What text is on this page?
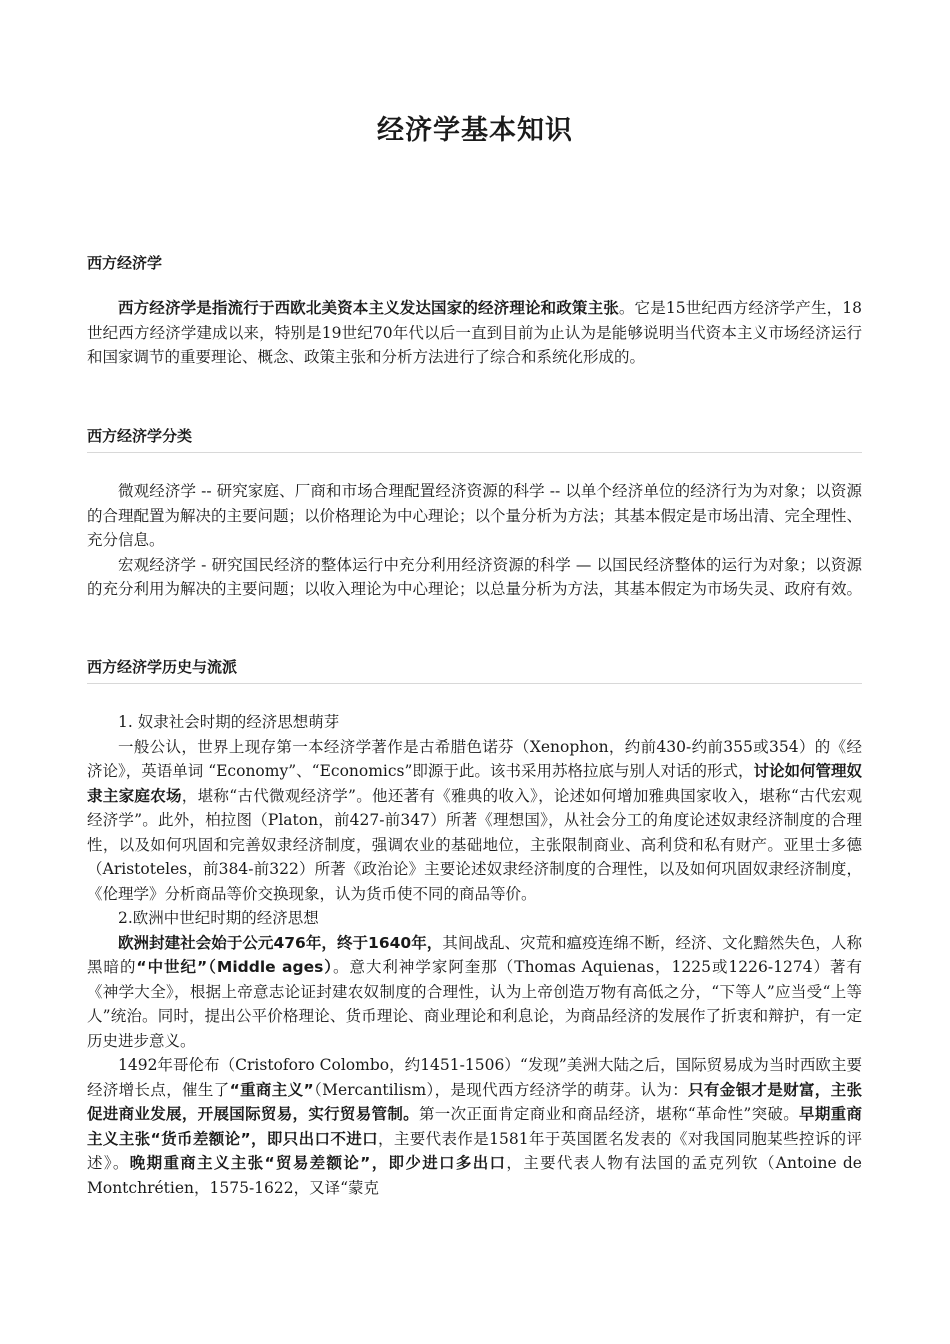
经济学基本知识
西方经济学

西方经济学是指流行于西欧北美资本主义发达国家的经济理论和政策主张。它是15世纪西方经济学产生，18世纪西方经济学建成以来，特别是19世纪70年代以后一直到目前为止认为是能够说明当代资本主义市场经济运行和国家调节的重要理论、概念、政策主张和分析方法进行了综合和系统化形成的。

西方经济学分类

微观经济学 -- 研究家庭、厂商和市场合理配置经济资源的科学 -- 以单个经济单位的经济行为为对象；以资源的合理配置为解决的主要问题；以价格理论为中心理论；以个量分析为方法；其基本假定是市场出清、完全理性、充分信息。

宏观经济学 - 研究国民经济的整体运行中充分利用经济资源的科学 — 以国民经济整体的运行为对象；以资源的充分利用为解决的主要问题；以收入理论为中心理论；以总量分析为方法，其基本假定为市场失灵、政府有效。

西方经济学历史与流派

1. 奴隶社会时期的经济思想萌芽

一般公认，世界上现存第一本经济学著作是古希腊色诺芬（Xenophon，约前430-约前355或354）的《经济论》，英语单词 “Economy”、“Economics”即源于此。该书采用苏格拉底与别人对话的形式，讨论如何管理奴隶主家庭农场，堪称“古代微观经济学”。他还著有《雅典的收入》，论述如何增加雅典国家收入，堪称“古代宏观经济学”。此外，柏拉图（Platon，前427-前347）所著《理想国》，从社会分工的角度论述奴隶经济制度的合理性，以及如何巩固和完善奴隶经济制度，强调农业的基础地位，主张限制商业、高利贷和私有财产。亚里士多德（Aristoteles，前384-前322）所著《政治论》主要论述奴隶经济制度的合理性，以及如何巩固奴隶经济制度，《伦理学》分析商品等价交换现象，认为货币使不同的商品等价。

2.欧洲中世纪时期的经济思想

欧洲封建社会始于公元476年，终于1640年，其间战乱、灾荒和瘟疫连绵不断，经济、文化黯然失色，人称黑暗的“中世纪”（Middle ages）。意大利神学家阿奎那（Thomas Aquienas，1225或1226-1274）著有《神学大全》，根据上帝意志论证封建农奴制度的合理性，认为上帝创造万物有高低之分，“下等人”应当受“上等人”统治。同时，提出公平价格理论、货币理论、商业理论和利息论，为商品经济的发展作了折衷和辩护，有一定历史进步意义。

1492年哥伦布（Cristoforo Colombo，约1451-1506）“发现”美洲大陆之后，国际贸易成为当时西欧主要经济增长点，催生了“重商主义”（Mercantilism），是现代西方经济学的萌芽。认为：只有金银才是财富，主张促进商业发展，开展国际贸易，实行贸易管制。第一次正面肯定商业和商品经济，堪称“革命性”突破。早期重商主义主张“货币差额论”，即只出口不进口，主要代表作是1581年于英国匿名发表的《对我国同胞某些控诉的评述》。晚期重商主义主张“贸易差额论”，即少进口多出口，主要代表人物有法国的孟克列钦（Antoine de Montchrétien，1575-1622，又译“蒙克
